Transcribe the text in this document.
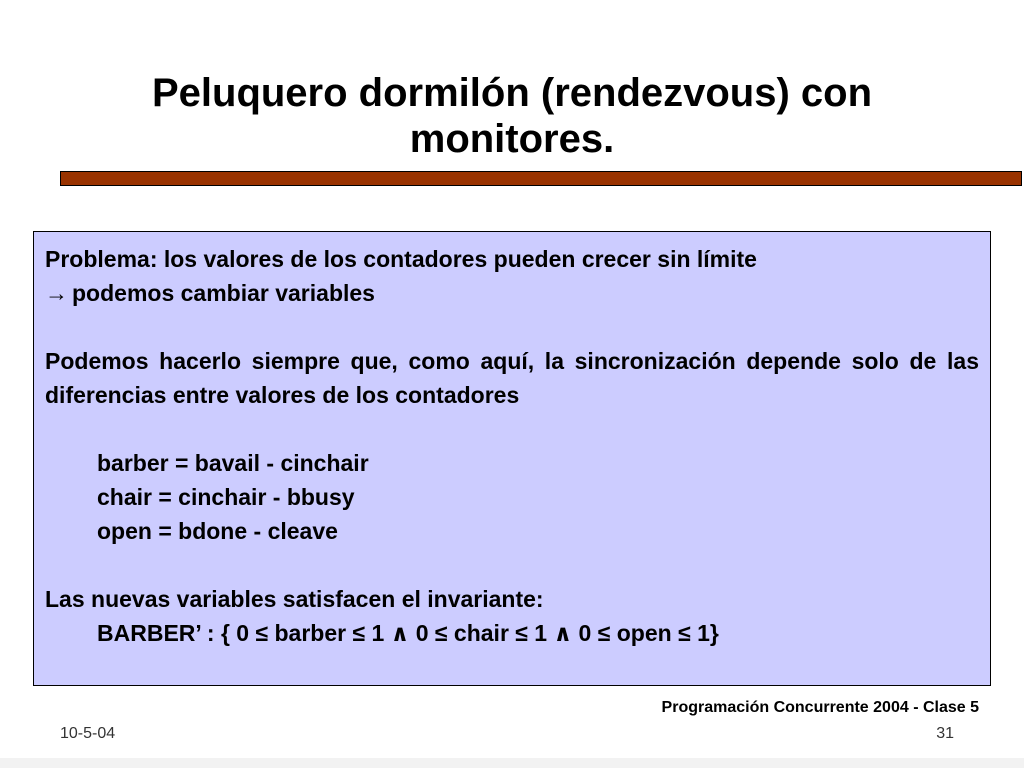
Peluquero dormilón (rendezvous) con
monitores.
Problema: los valores de los contadores pueden crecer sin límite
→ podemos cambiar variables
Podemos hacerlo siempre que, como aquí, la sincronización depende solo de las diferencias entre valores de los contadores
barber = bavail - cinchair
chair = cinchair - bbusy
open = bdone - cleave
Las nuevas variables satisfacen el invariante:
BARBER’ : { 0 ≤ barber ≤ 1 ∧ 0 ≤ chair ≤ 1 ∧ 0 ≤ open ≤ 1}
Programación Concurrente 2004 - Clase 5
10-5-04	31
